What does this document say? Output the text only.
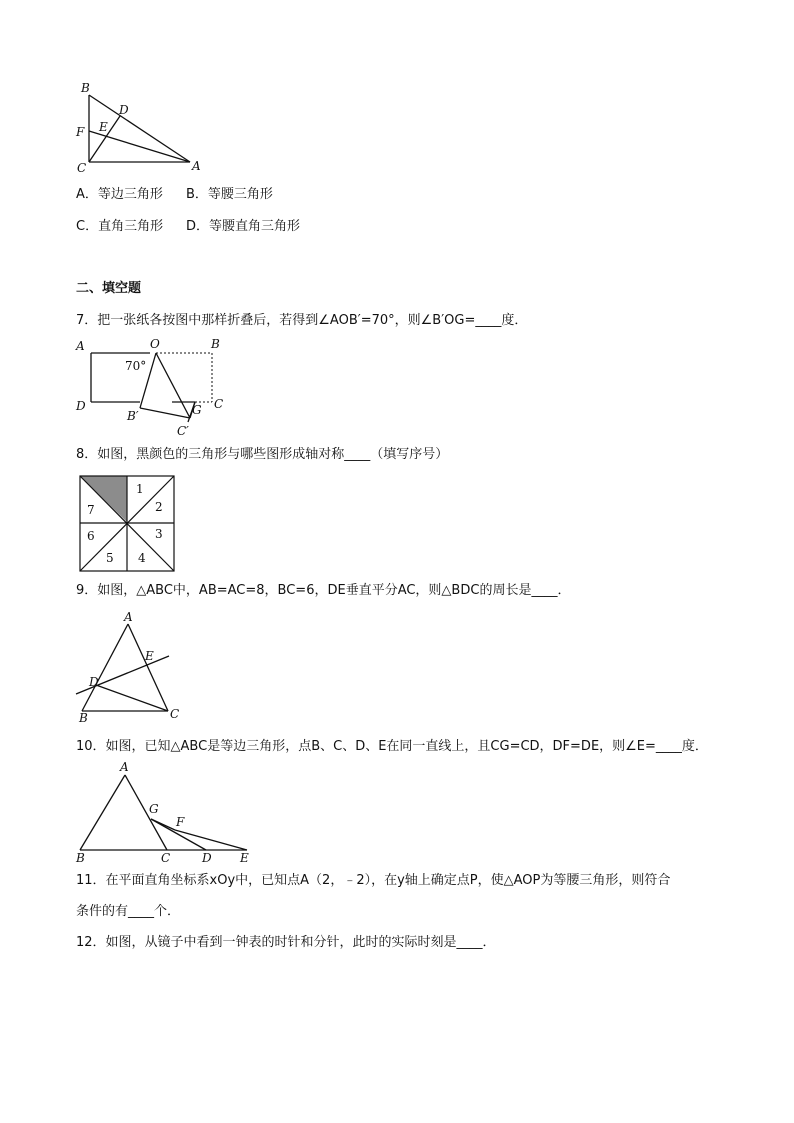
B
D
F E
C	A
A．等边三角形 B．等腰三角形
C．直角三角形 D．等腰直角三角形
二、填空题
7．把一张纸各按图中那样折叠后，若得到∠AOB′=70°，则∠B′OG=____度．
A	O	B
70°
D
B′	G C
C′
8．如图，黑颜色的三角形与哪些图形成轴对称____（填写序号）
1
2
3
4
5
6
7
9．如图，△ABC中，AB=AC=8，BC=6，DE垂直平分AC，则△BDC的周长是____．
A
E
D
B	C
10．如图，已知△ABC是等边三角形，点B、C、D、E在同一直线上，且CG=CD，DF=DE，则∠E=____度．
A
G
F
B	C	D E
11．在平面直角坐标系xOy中，已知点A（2，﹣2），在y轴上确定点P，使△AOP为等腰三角形，则符合
条件的有____个．
12．如图，从镜子中看到一钟表的时针和分针，此时的实际时刻是____．
